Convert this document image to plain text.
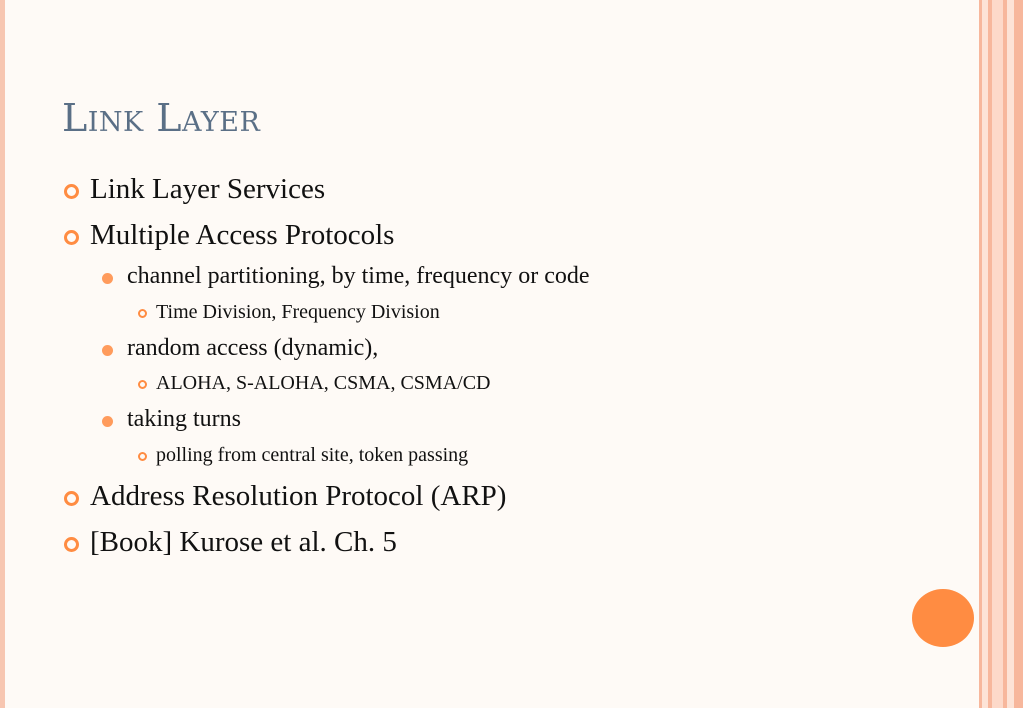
Link Layer
Link Layer Services
Multiple Access Protocols
channel partitioning, by time, frequency or code
Time Division, Frequency Division
random access (dynamic),
ALOHA, S-ALOHA, CSMA, CSMA/CD
taking turns
polling from central site, token passing
Address Resolution Protocol (ARP)
[Book] Kurose et al. Ch. 5
